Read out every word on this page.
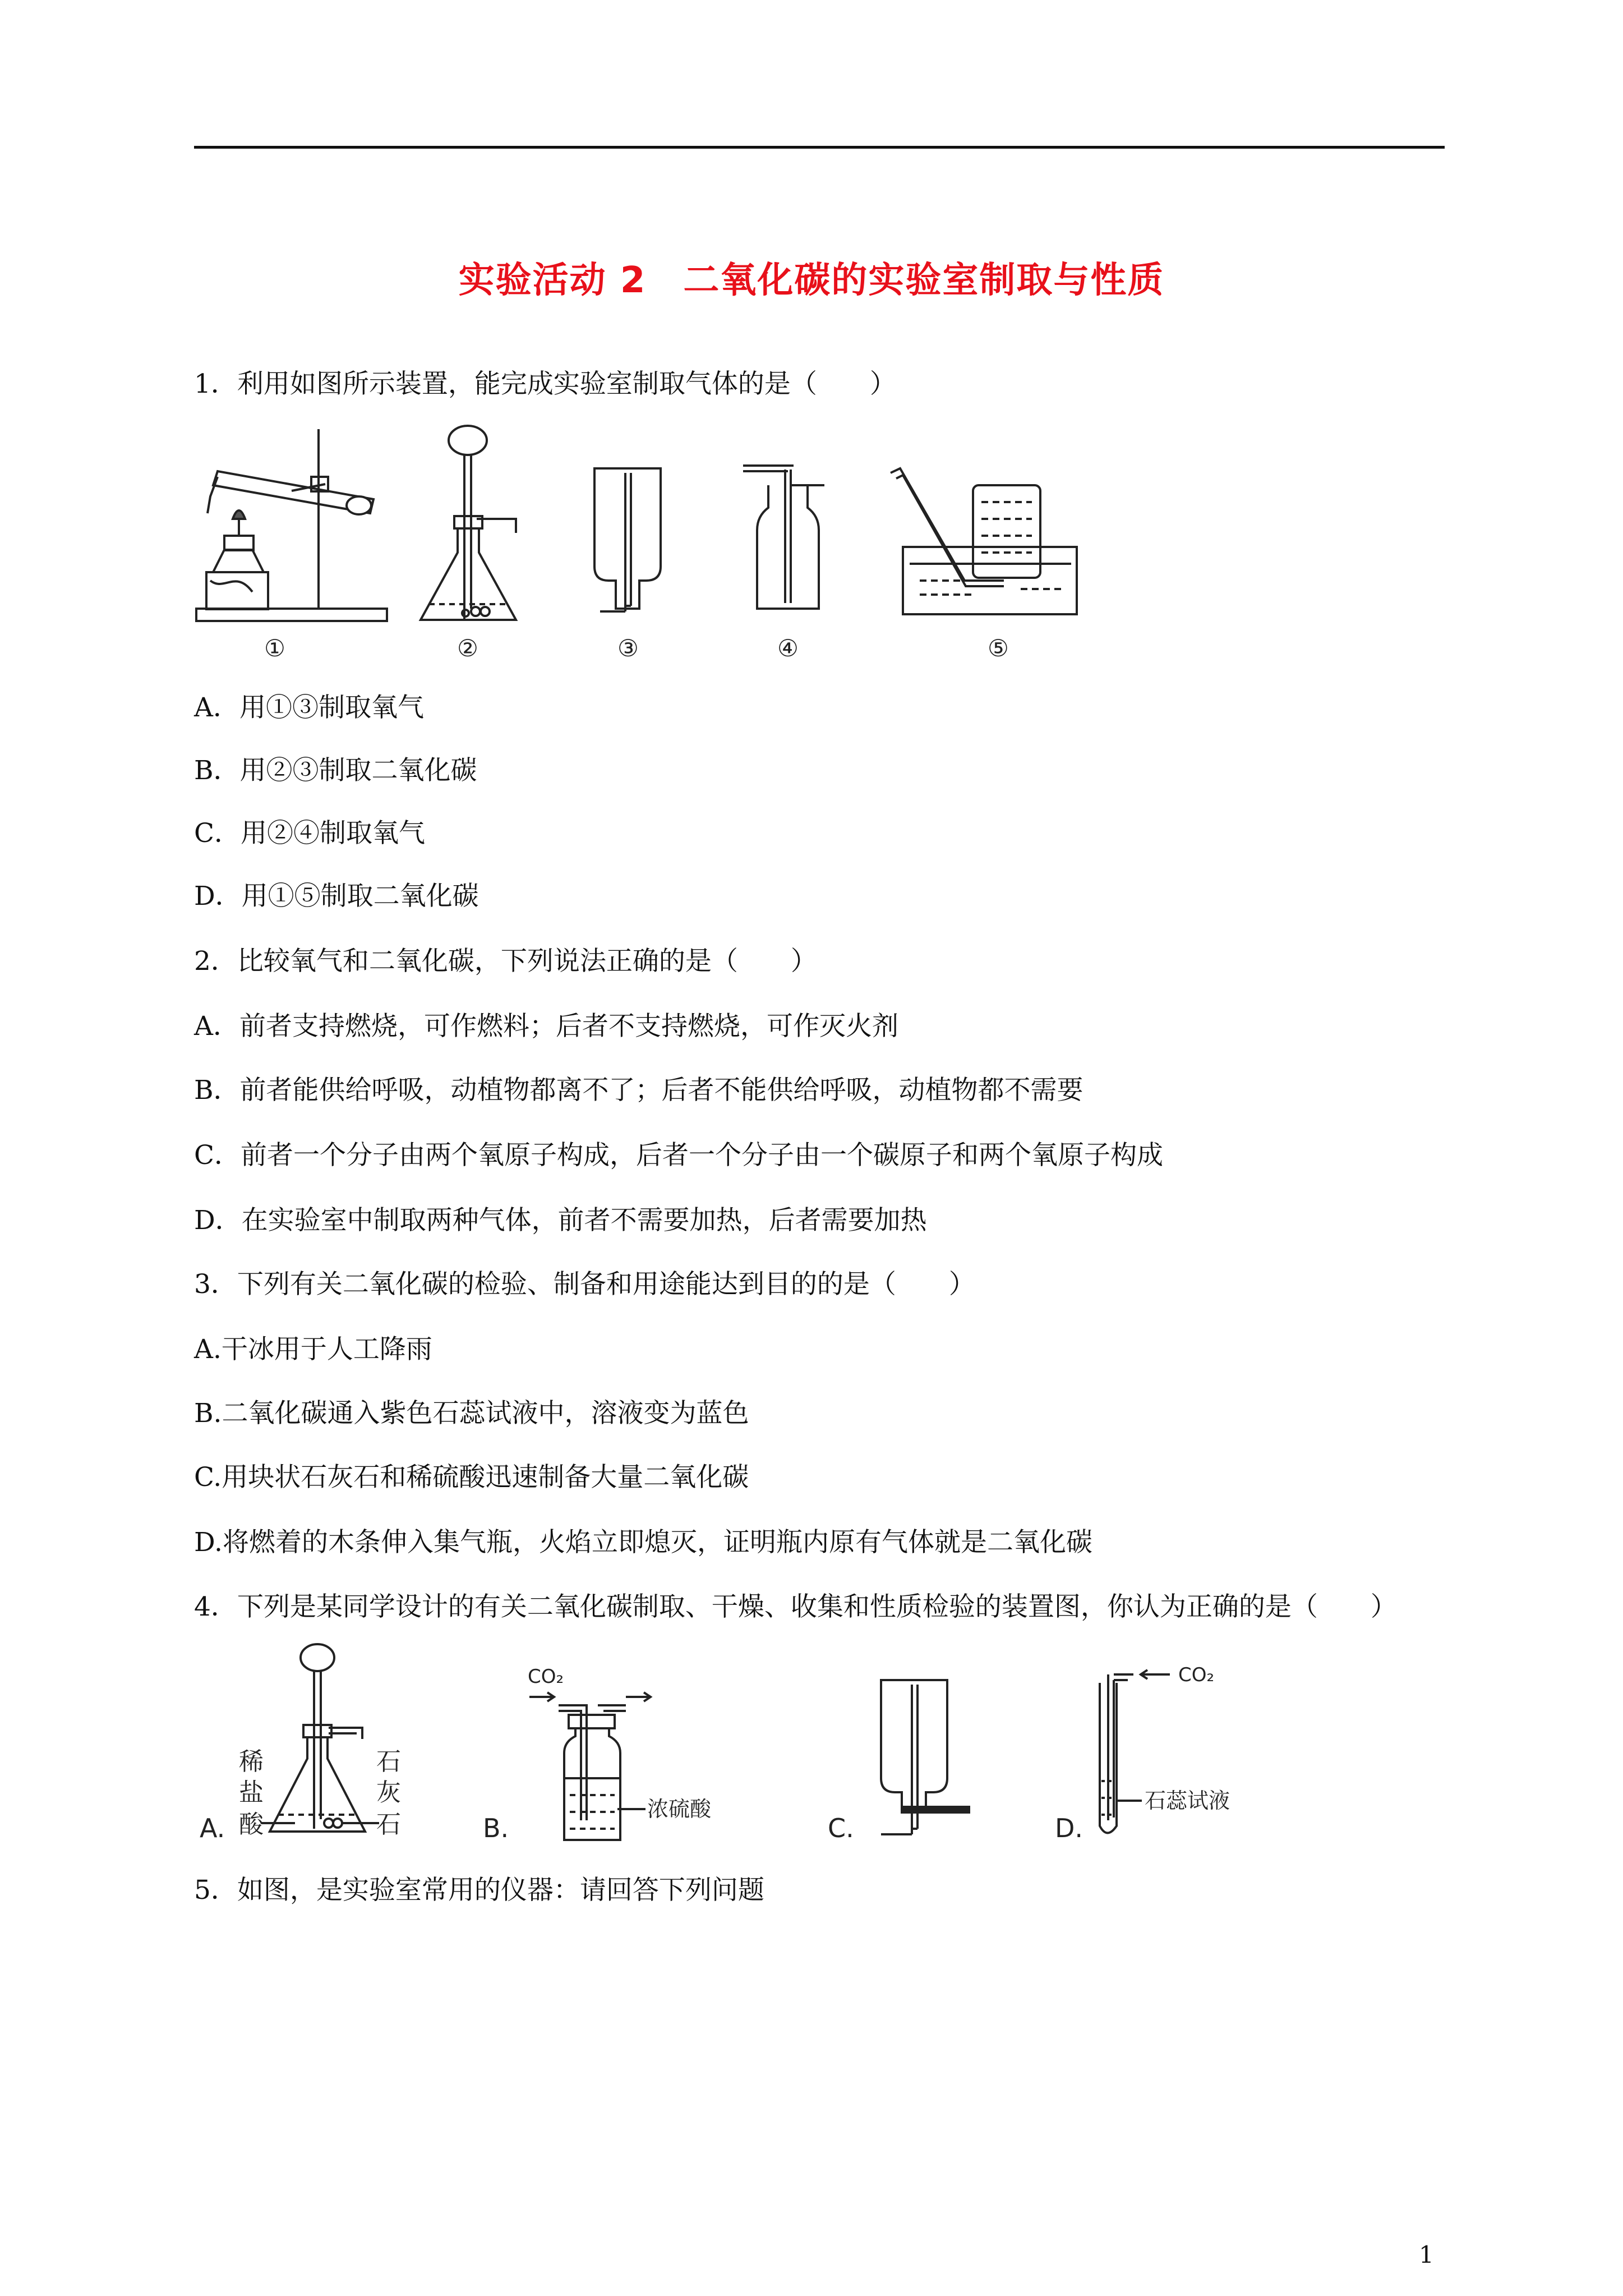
实验活动 2　二氧化碳的实验室制取与性质
1．利用如图所示装置，能完成实验室制取气体的是（　　）
①	②	③	④	⑤
A．用①③制取氧气
B．用②③制取二氧化碳
C．用②④制取氧气
D．用①⑤制取二氧化碳
2．比较氧气和二氧化碳，下列说法正确的是（　　）
A．前者支持燃烧，可作燃料；后者不支持燃烧，可作灭火剂
B．前者能供给呼吸，动植物都离不了；后者不能供给呼吸，动植物都不需要
C．前者一个分子由两个氧原子构成，后者一个分子由一个碳原子和两个氧原子构成
D．在实验室中制取两种气体，前者不需要加热，后者需要加热
3．下列有关二氧化碳的检验、制备和用途能达到目的的是（　　）
A.干冰用于人工降雨
B.二氧化碳通入紫色石蕊试液中，溶液变为蓝色
C.用块状石灰石和稀硫酸迅速制备大量二氧化碳
D.将燃着的木条伸入集气瓶，火焰立即熄灭，证明瓶内原有气体就是二氧化碳
4．下列是某同学设计的有关二氧化碳制取、干燥、收集和性质检验的装置图，你认为正确的是（　　）
A.
稀
盐
酸
石
灰
石	B.
CO₂
浓硫酸
C.	D.
CO₂
石蕊试液
5．如图，是实验室常用的仪器：请回答下列问题
1
